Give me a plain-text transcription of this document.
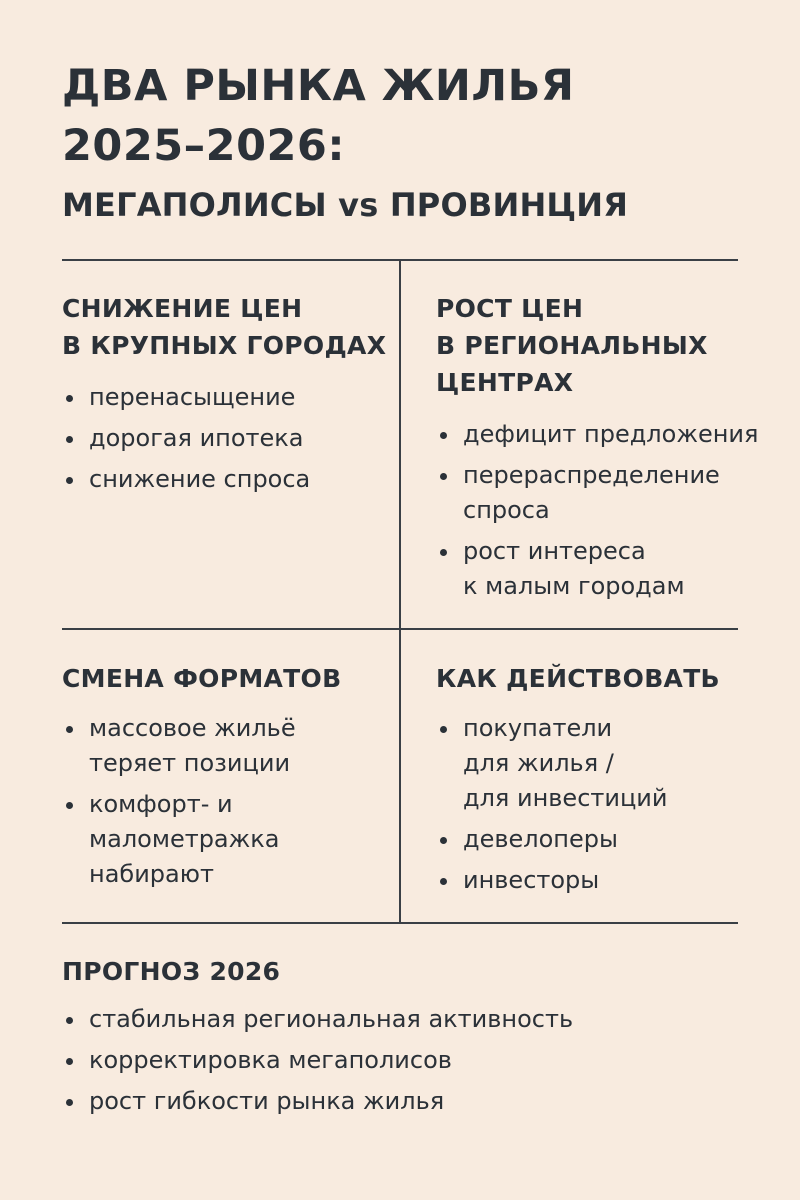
ДВА РЫНКА ЖИЛЬЯ
2025–2026:
МЕГАПОЛИСЫ vs ПРОВИНЦИЯ

СНИЖЕНИЕ ЦЕН
В КРУПНЫХ ГОРОДАХ

перенасыщение
дорогая ипотека
снижение спроса

РОСТ ЦЕН
В РЕГИОНАЛЬНЫХ
ЦЕНТРАХ

дефицит предложения
перераспределение
спроса
рост интереса
к малым городам

СМЕНА ФОРМАТОВ

массовое жильё
теряет позиции
комфорт- и
малометражка
набирают

КАК ДЕЙСТВОВАТЬ

покупатели
для жилья /
для инвестиций
девелоперы
инвесторы

ПРОГНОЗ 2026

стабильная региональная активность
корректировка мегаполисов
рост гибкости рынка жилья
